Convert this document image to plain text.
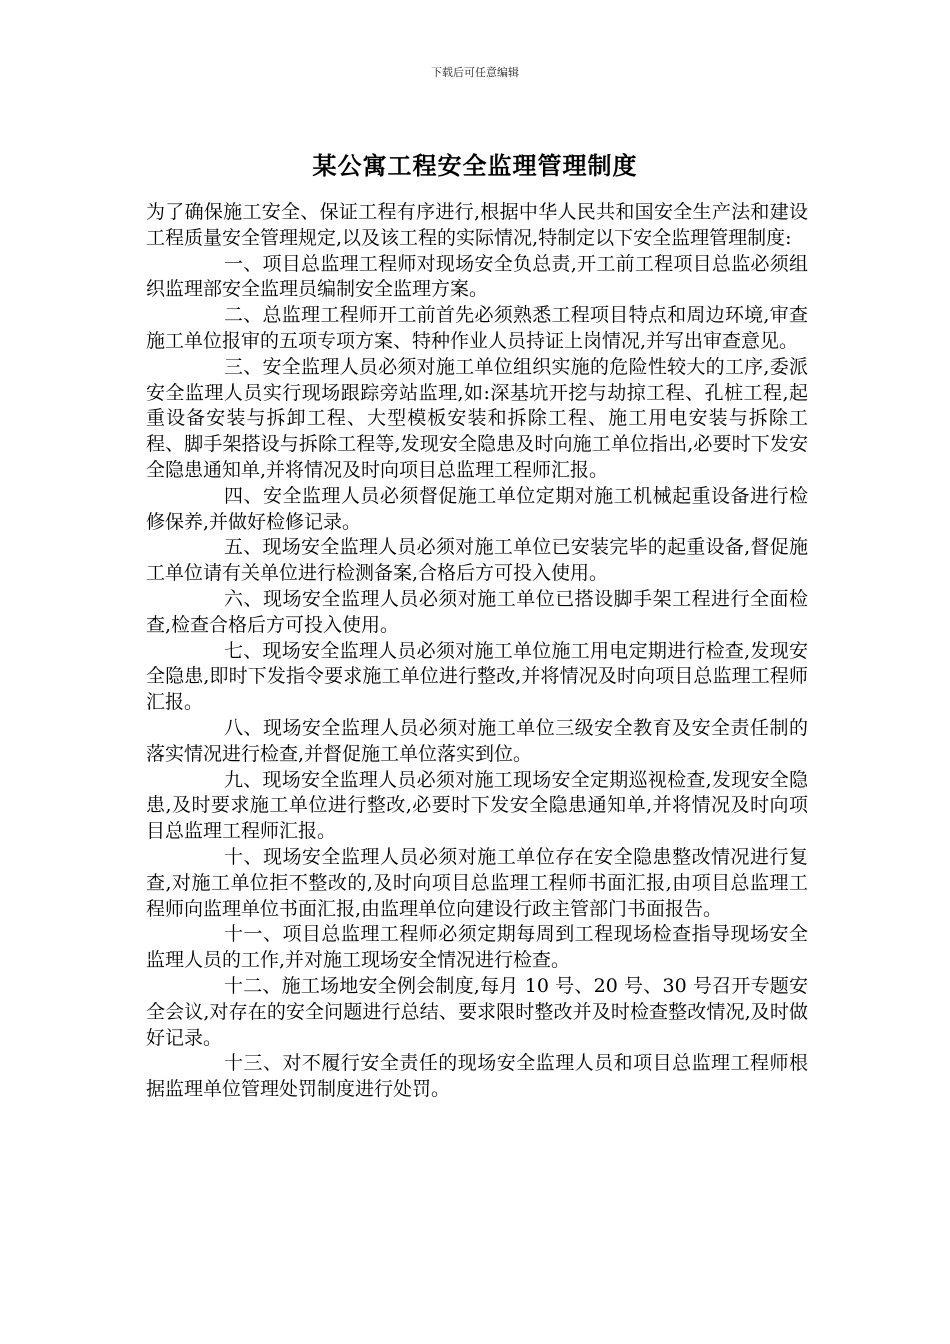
下载后可任意编辑
某公寓工程安全监理管理制度

为了确保施工安全、保证工程有序进行,根据中华人民共和国安全生产法和建设工程质量安全管理规定,以及该工程的实际情况,特制定以下安全监理管理制度:

一、项目总监理工程师对现场安全负总责,开工前工程项目总监必须组织监理部安全监理员编制安全监理方案。

二、总监理工程师开工前首先必须熟悉工程项目特点和周边环境,审查施工单位报审的五项专项方案、特种作业人员持证上岗情况,并写出审查意见。

三、安全监理人员必须对施工单位组织实施的危险性较大的工序,委派安全监理人员实行现场跟踪旁站监理,如:深基坑开挖与劫掠工程、孔桩工程,起重设备安装与拆卸工程、大型模板安装和拆除工程、施工用电安装与拆除工程、脚手架搭设与拆除工程等,发现安全隐患及时向施工单位指出,必要时下发安全隐患通知单,并将情况及时向项目总监理工程师汇报。

四、安全监理人员必须督促施工单位定期对施工机械起重设备进行检修保养,并做好检修记录。

五、现场安全监理人员必须对施工单位已安装完毕的起重设备,督促施工单位请有关单位进行检测备案,合格后方可投入使用。

六、现场安全监理人员必须对施工单位已搭设脚手架工程进行全面检查,检查合格后方可投入使用。

七、现场安全监理人员必须对施工单位施工用电定期进行检查,发现安全隐患,即时下发指令要求施工单位进行整改,并将情况及时向项目总监理工程师汇报。

八、现场安全监理人员必须对施工单位三级安全教育及安全责任制的落实情况进行检查,并督促施工单位落实到位。

九、现场安全监理人员必须对施工现场安全定期巡视检查,发现安全隐患,及时要求施工单位进行整改,必要时下发安全隐患通知单,并将情况及时向项目总监理工程师汇报。

十、现场安全监理人员必须对施工单位存在安全隐患整改情况进行复查,对施工单位拒不整改的,及时向项目总监理工程师书面汇报,由项目总监理工程师向监理单位书面汇报,由监理单位向建设行政主管部门书面报告。

十一、项目总监理工程师必须定期每周到工程现场检查指导现场安全监理人员的工作,并对施工现场安全情况进行检查。

十二、施工场地安全例会制度,每月 10 号、20 号、30 号召开专题安全会议,对存在的安全问题进行总结、要求限时整改并及时检查整改情况,及时做好记录。

十三、对不履行安全责任的现场安全监理人员和项目总监理工程师根据监理单位管理处罚制度进行处罚。
